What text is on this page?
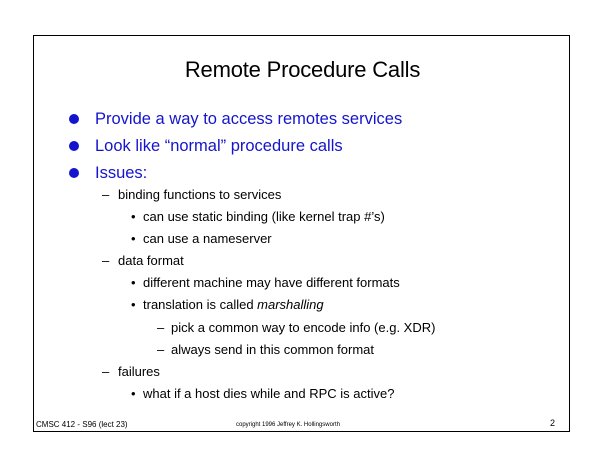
Remote Procedure Calls
Provide a way to access remotes services
Look like “normal” procedure calls
Issues:
– binding functions to services
• can use static binding (like kernel trap #’s)
• can use a nameserver
– data format
• different machine may have different formats
• translation is called marshalling
– pick a common way to encode info (e.g. XDR)
– always send in this common format
– failures
• what if a host dies while and RPC is active?
CMSC 412 - S96 (lect 23)	copyright 1996 Jeffrey K. Hollingsworth	2
